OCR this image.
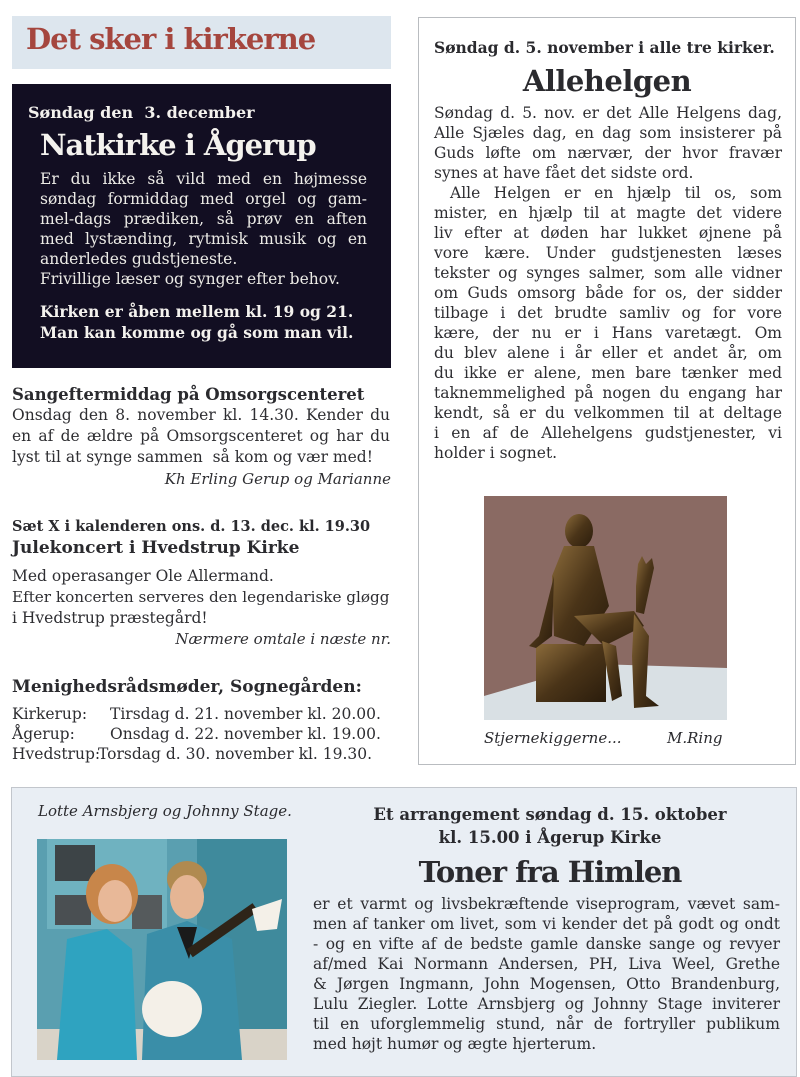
Det sker i kirkerne
Søndag den  3. december
Natkirke i Ågerup
Er du ikke så vild med en højmesse
søndag formiddag med orgel og gam-
mel-dags prædiken, så prøv en aften
med lystænding, rytmisk musik og en
anderledes gudstjeneste.
Frivillige læser og synger efter behov.
Kirken er åben mellem kl. 19 og 21.
Man kan komme og gå som man vil.
Sangeftermiddag på Omsorgscenteret
Onsdag den 8. november kl. 14.30. Kender du
en af de ældre på Omsorgscenteret og har du
lyst til at synge sammen  så kom og vær med!
Kh Erling Gerup og Marianne
Sæt X i kalenderen ons. d. 13. dec. kl. 19.30
Julekoncert i Hvedstrup Kirke
Med operasanger Ole Allermand.
Efter koncerten serveres den legendariske gløgg
i Hvedstrup præstegård!
Nærmere omtale i næste nr.
Menighedsrådsmøder, Sognegården:
Kirkerup: Tirsdag d. 21. november kl. 20.00.
Ågerup: Onsdag d. 22. november kl. 19.00.
Hvedstrup:
Torsdag d. 30. november kl. 19.30.
Søndag d. 5. november i alle tre kirker.
Allehelgen
Søndag d. 5. nov. er det Alle Helgens dag,
Alle Sjæles dag, en dag som insisterer på
Guds løfte om nærvær, der hvor fravær
synes at have fået det sidste ord.
Alle Helgen er en hjælp til os, som
mister, en hjælp til at magte det videre
liv efter at døden har lukket øjnene på
vore kære. Under gudstjenesten læses
tekster og synges salmer, som alle vidner
om Guds omsorg både for os, der sidder
tilbage i det brudte samliv og for vore
kære, der nu er i Hans varetægt. Om
du blev alene i år eller et andet år, om
du ikke er alene, men bare tænker med
taknemmelighed på nogen du engang har
kendt, så er du velkommen til at deltage
i en af de Allehelgens gudstjenester, vi
holder i sognet.
Stjernekiggerne...	M.Ring
Lotte Arnsbjerg og Johnny Stage.	Et arrangement søndag d. 15. oktober
kl. 15.00 i Ågerup Kirke
Toner fra Himlen
er et varmt og livsbekræftende viseprogram, vævet sam-
men af tanker om livet, som vi kender det på godt og ondt
- og en vifte af de bedste gamle danske sange og revyer
af/med Kai Normann Andersen, PH, Liva Weel, Grethe
& Jørgen Ingmann, John Mogensen, Otto Brandenburg,
Lulu Ziegler. Lotte Arnsbjerg og Johnny Stage inviterer
til en uforglemmelig stund, når de fortryller publikum
med højt humør og ægte hjerterum.
